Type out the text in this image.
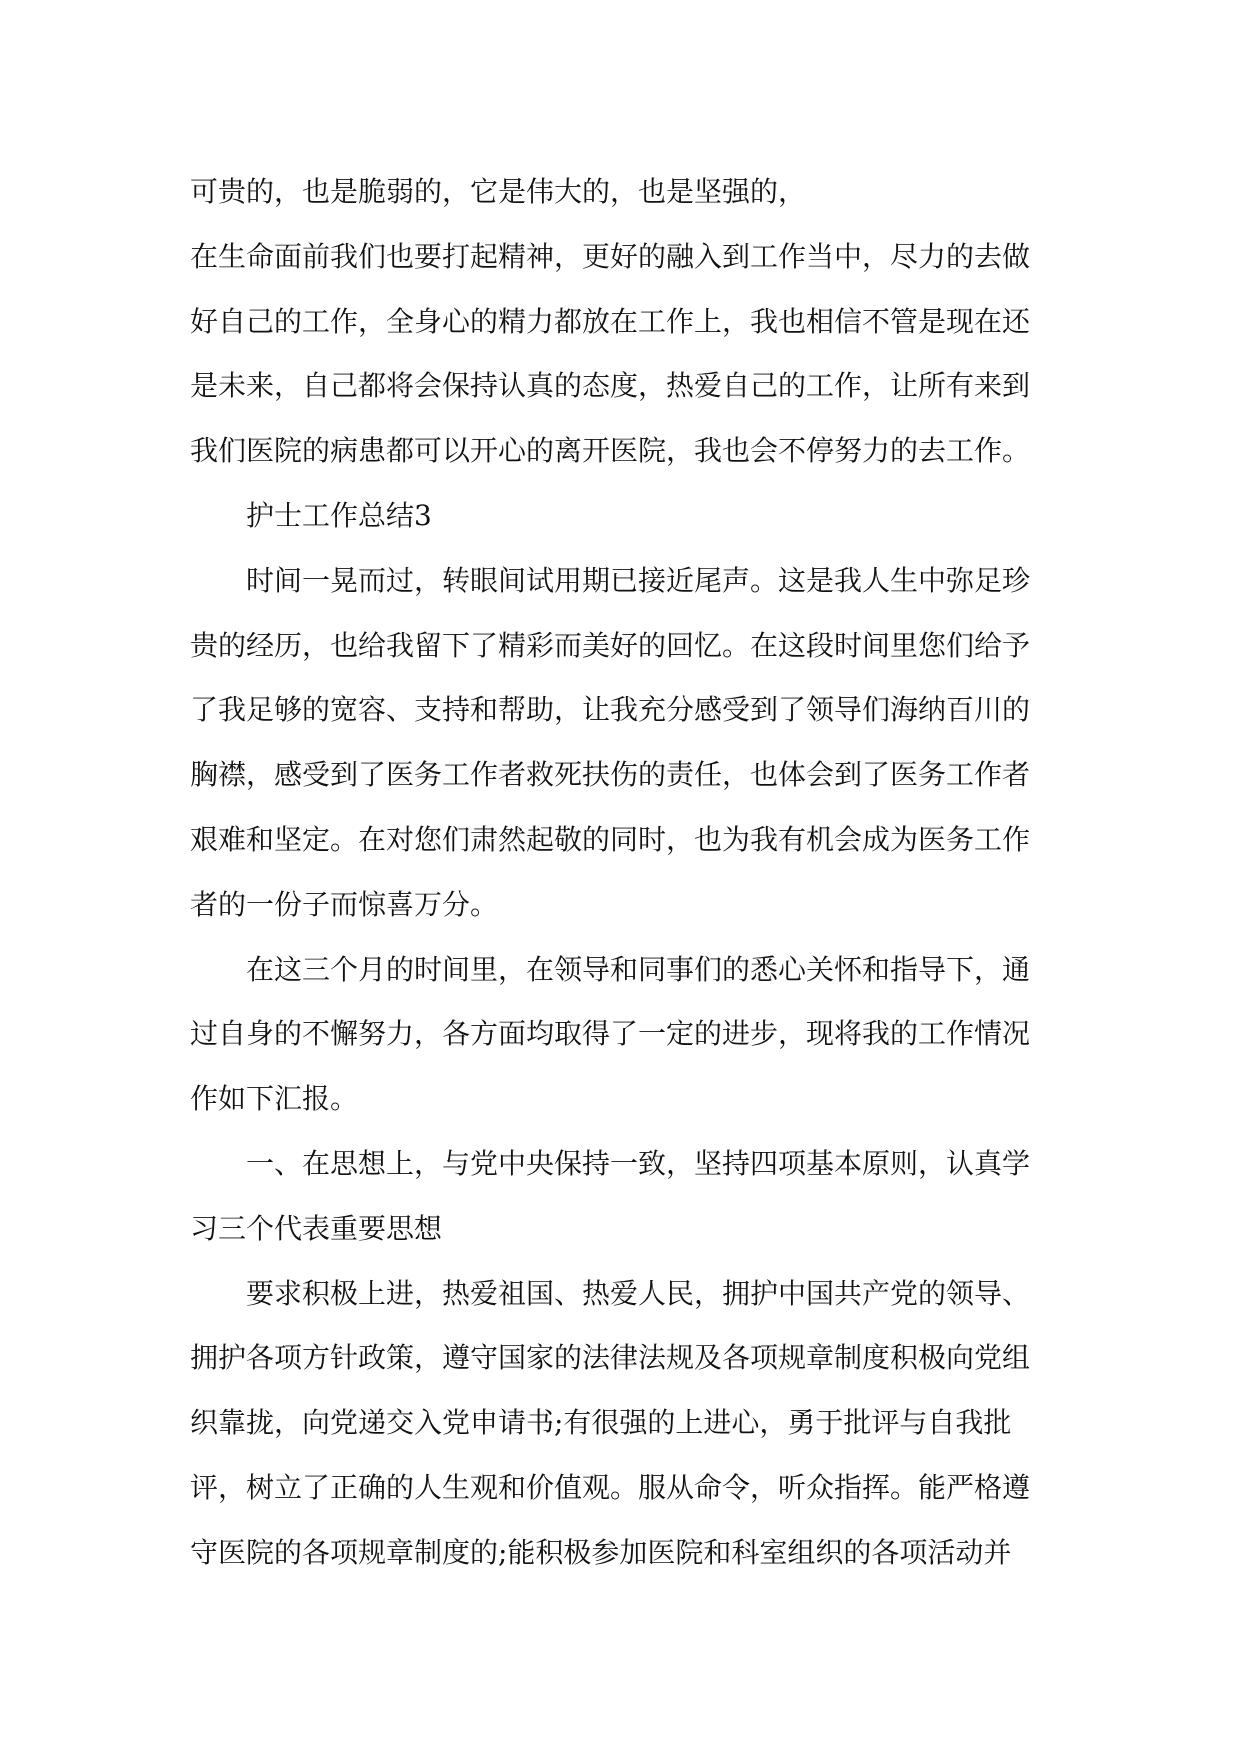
可贵的，也是脆弱的，它是伟大的，也是坚强的，
在生命面前我们也要打起精神，更好的融入到工作当中，尽力的去做
好自己的工作，全身心的精力都放在工作上，我也相信不管是现在还
是未来，自己都将会保持认真的态度，热爱自己的工作，让所有来到
我们医院的病患都可以开心的离开医院，我也会不停努力的去工作。
护士工作总结3
时间一晃而过，转眼间试用期已接近尾声。这是我人生中弥足珍
贵的经历，也给我留下了精彩而美好的回忆。在这段时间里您们给予
了我足够的宽容、支持和帮助，让我充分感受到了领导们海纳百川的
胸襟，感受到了医务工作者救死扶伤的责任，也体会到了医务工作者
艰难和坚定。在对您们肃然起敬的同时，也为我有机会成为医务工作
者的一份子而惊喜万分。
在这三个月的时间里，在领导和同事们的悉心关怀和指导下，通
过自身的不懈努力，各方面均取得了一定的进步，现将我的工作情况
作如下汇报。
一、在思想上，与党中央保持一致，坚持四项基本原则，认真学
习三个代表重要思想
要求积极上进，热爱祖国、热爱人民，拥护中国共产党的领导、
拥护各项方针政策，遵守国家的法律法规及各项规章制度积极向党组
织靠拢，向党递交入党申请书;有很强的上进心，勇于批评与自我批
评，树立了正确的人生观和价值观。服从命令，听众指挥。能严格遵
守医院的各项规章制度的;能积极参加医院和科室组织的各项活动并
